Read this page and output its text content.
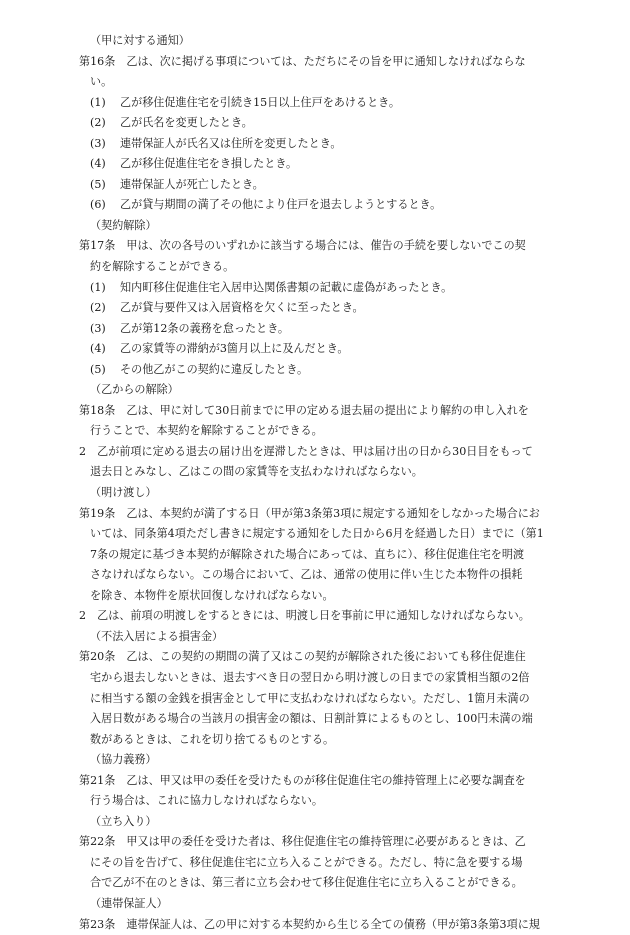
（甲に対する通知）
第16条　乙は、次に掲げる事項については、ただちにその旨を甲に通知しなければならな
い。
(1) 乙が移住促進住宅を引続き15日以上住戸をあけるとき。
(2) 乙が氏名を変更したとき。
(3) 連帯保証人が氏名又は住所を変更したとき。
(4) 乙が移住促進住宅をき損したとき。
(5) 連帯保証人が死亡したとき。
(6) 乙が貸与期間の満了その他により住戸を退去しようとするとき。
（契約解除）
第17条　甲は、次の各号のいずれかに該当する場合には、催告の手続を要しないでこの契
約を解除することができる。
(1) 知内町移住促進住宅入居申込関係書類の記載に虚偽があったとき。
(2) 乙が貸与要件又は入居資格を欠くに至ったとき。
(3) 乙が第12条の義務を怠ったとき。
(4) 乙の家賃等の滞納が3箇月以上に及んだとき。
(5) その他乙がこの契約に違反したとき。
（乙からの解除）
第18条　乙は、甲に対して30日前までに甲の定める退去届の提出により解約の申し入れを
行うことで、本契約を解除することができる。
2　乙が前項に定める退去の届け出を遅滞したときは、甲は届け出の日から30日目をもって
退去日とみなし、乙はこの間の家賃等を支払わなければならない。
（明け渡し）
第19条　乙は、本契約が満了する日（甲が第3条第3項に規定する通知をしなかった場合にお
いては、同条第4項ただし書きに規定する通知をした日から6月を経過した日）までに（第1
7条の規定に基づき本契約が解除された場合にあっては、直ちに）、移住促進住宅を明渡
さなければならない。この場合において、乙は、通常の使用に伴い生じた本物件の損耗
を除き、本物件を原状回復しなければならない。
2　乙は、前項の明渡しをするときには、明渡し日を事前に甲に通知しなければならない。
（不法入居による損害金）
第20条　乙は、この契約の期間の満了又はこの契約が解除された後においても移住促進住
宅から退去しないときは、退去すべき日の翌日から明け渡しの日までの家賃相当額の2倍
に相当する額の金銭を損害金として甲に支払わなければならない。ただし、1箇月未満の
入居日数がある場合の当該月の損害金の額は、日割計算によるものとし、100円未満の端
数があるときは、これを切り捨てるものとする。
（協力義務）
第21条　乙は、甲又は甲の委任を受けたものが移住促進住宅の維持管理上に必要な調査を
行う場合は、これに協力しなければならない。
（立ち入り）
第22条　甲又は甲の委任を受けた者は、移住促進住宅の維持管理に必要があるときは、乙
にその旨を告げて、移住促進住宅に立ち入ることができる。ただし、特に急を要する場
合で乙が不在のときは、第三者に立ち会わせて移住促進住宅に立ち入ることができる。
（連帯保証人）
第23条　連帯保証人は、乙の甲に対する本契約から生じる全ての債務（甲が第3条第3項に規
